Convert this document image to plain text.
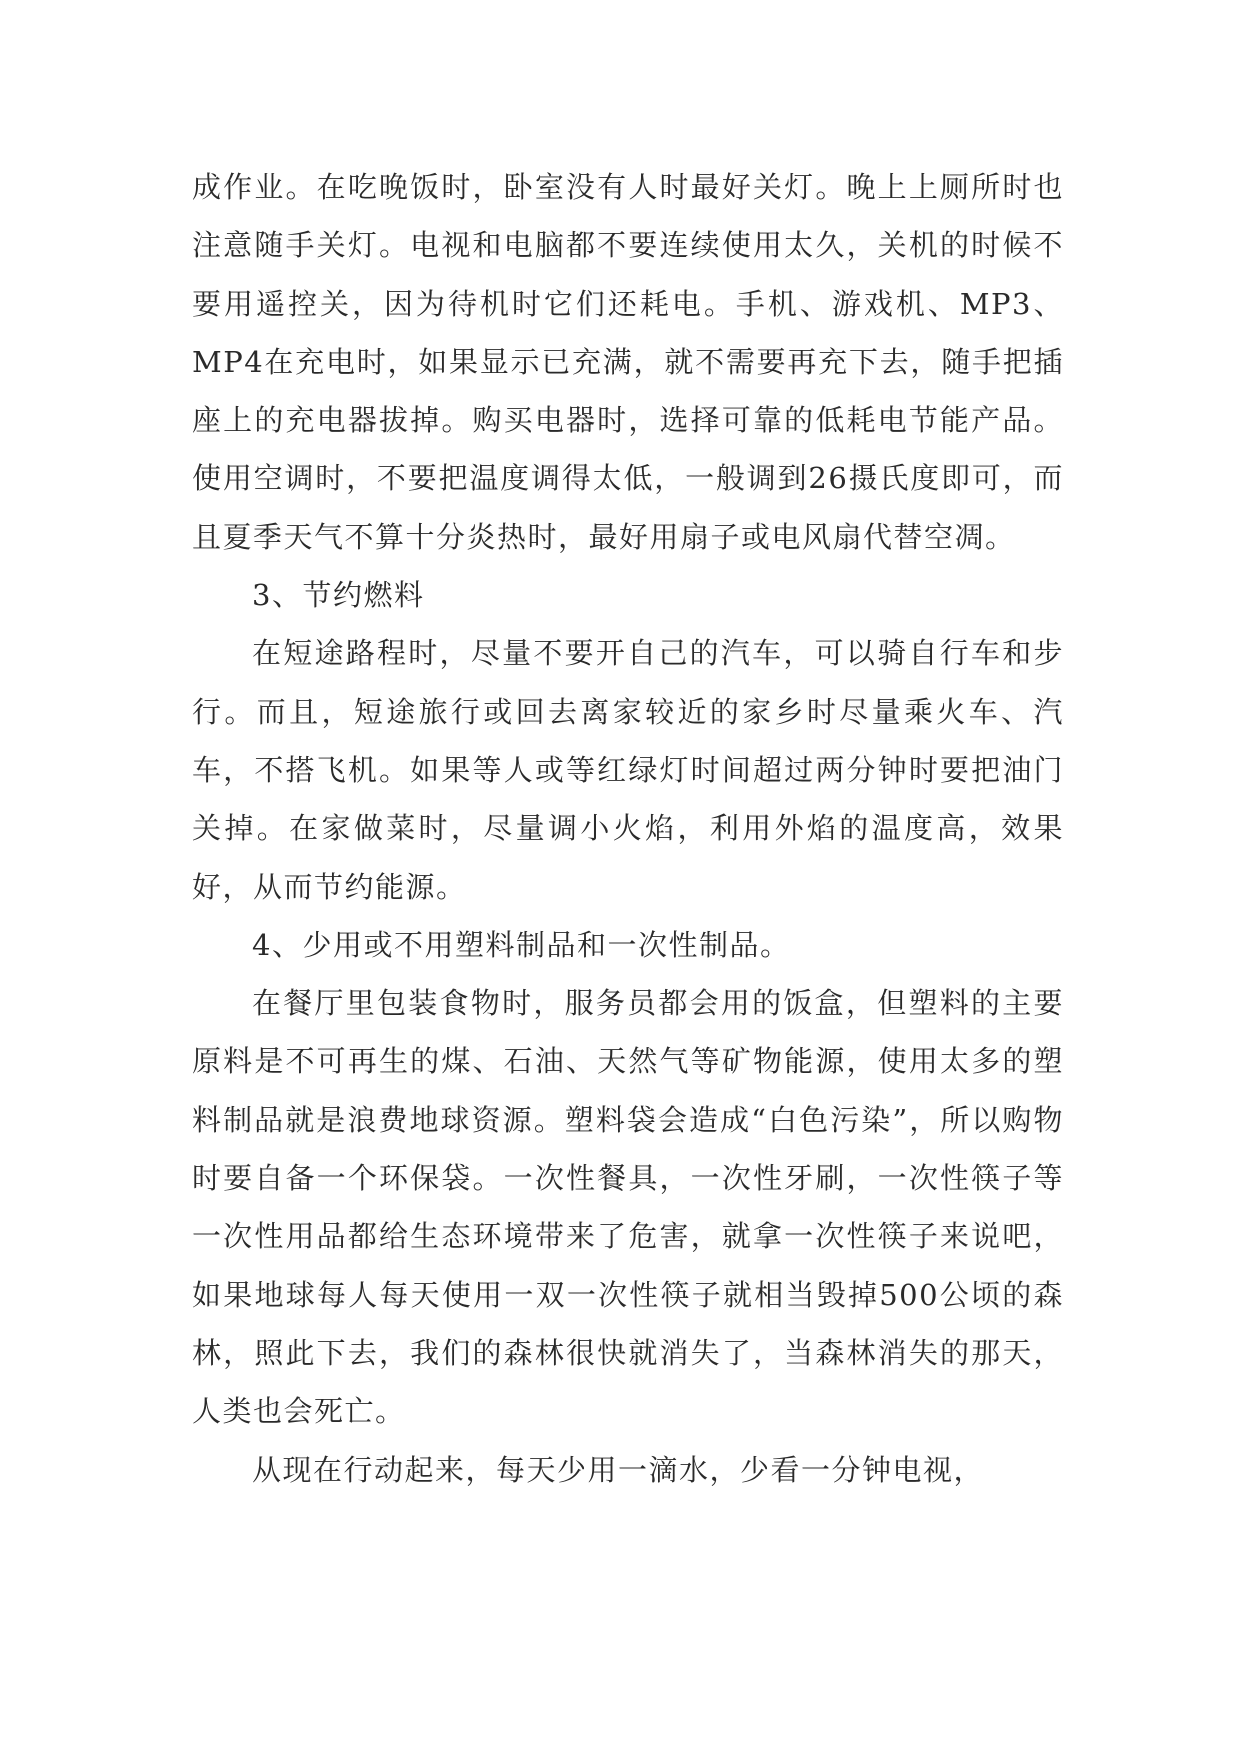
成作业。在吃晚饭时，卧室没有人时最好关灯。晚上上厕所时也注意随手关灯。电视和电脑都不要连续使用太久，关机的时候不要用遥控关，因为待机时它们还耗电。手机、游戏机、MP3、MP4在充电时，如果显示已充满，就不需要再充下去，随手把插座上的充电器拔掉。购买电器时，选择可靠的低耗电节能产品。使用空调时，不要把温度调得太低，一般调到26摄氏度即可，而且夏季天气不算十分炎热时，最好用扇子或电风扇代替空凋。

3、节约燃料

在短途路程时，尽量不要开自己的汽车，可以骑自行车和步行。而且，短途旅行或回去离家较近的家乡时尽量乘火车、汽车，不搭飞机。如果等人或等红绿灯时间超过两分钟时要把油门关掉。在家做菜时，尽量调小火焰，利用外焰的温度高，效果好，从而节约能源。

4、少用或不用塑料制品和一次性制品。

在餐厅里包装食物时，服务员都会用的饭盒，但塑料的主要原料是不可再生的煤、石油、天然气等矿物能源，使用太多的塑料制品就是浪费地球资源。塑料袋会造成“白色污染”，所以购物时要自备一个环保袋。一次性餐具，一次性牙刷，一次性筷子等一次性用品都给生态环境带来了危害，就拿一次性筷子来说吧，如果地球每人每天使用一双一次性筷子就相当毁掉500公顷的森林，照此下去，我们的森林很快就消失了，当森林消失的那天，人类也会死亡。

从现在行动起来，每天少用一滴水，少看一分钟电视，
